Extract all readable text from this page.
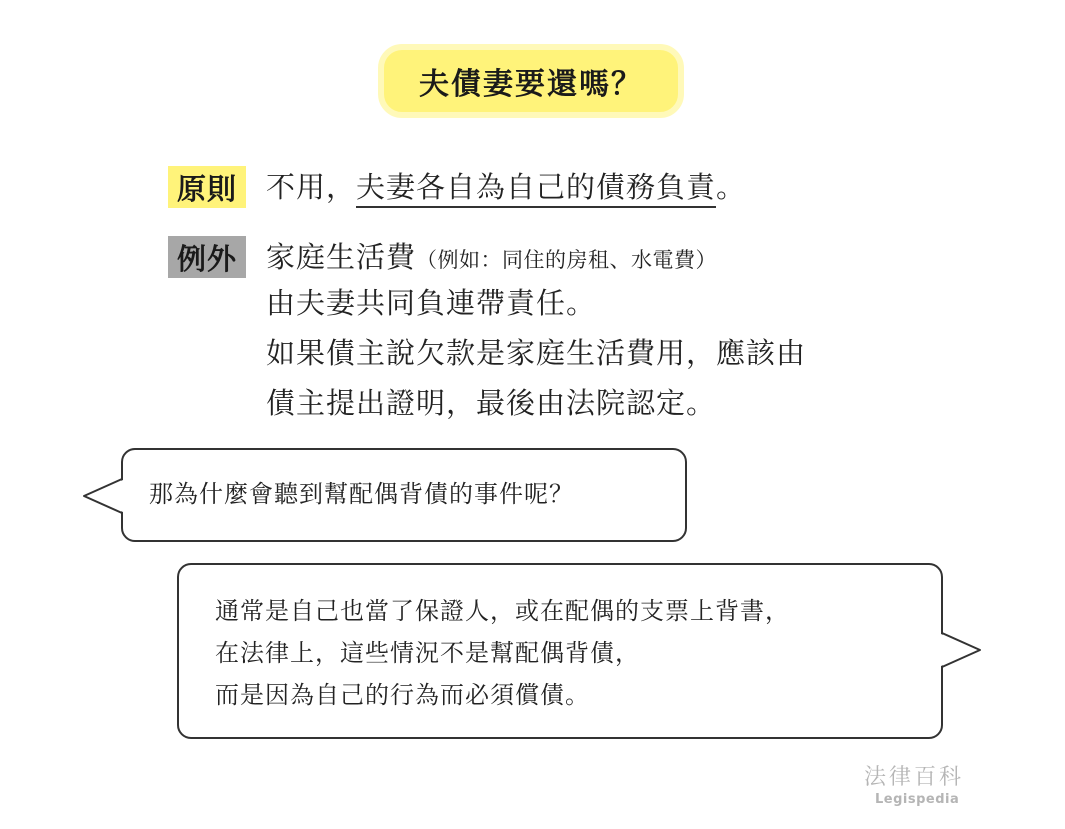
夫債妻要還嗎？
原則 不用，夫妻各自為自己的債務負責。
例外 家庭生活費（例如：同住的房租、水電費）
由夫妻共同負連帶責任。
如果債主說欠款是家庭生活費用，應該由
債主提出證明，最後由法院認定。
那為什麼會聽到幫配偶背債的事件呢？
通常是自己也當了保證人，或在配偶的支票上背書，
在法律上，這些情況不是幫配偶背債，
而是因為自己的行為而必須償債。
法律百科
Legispedia
